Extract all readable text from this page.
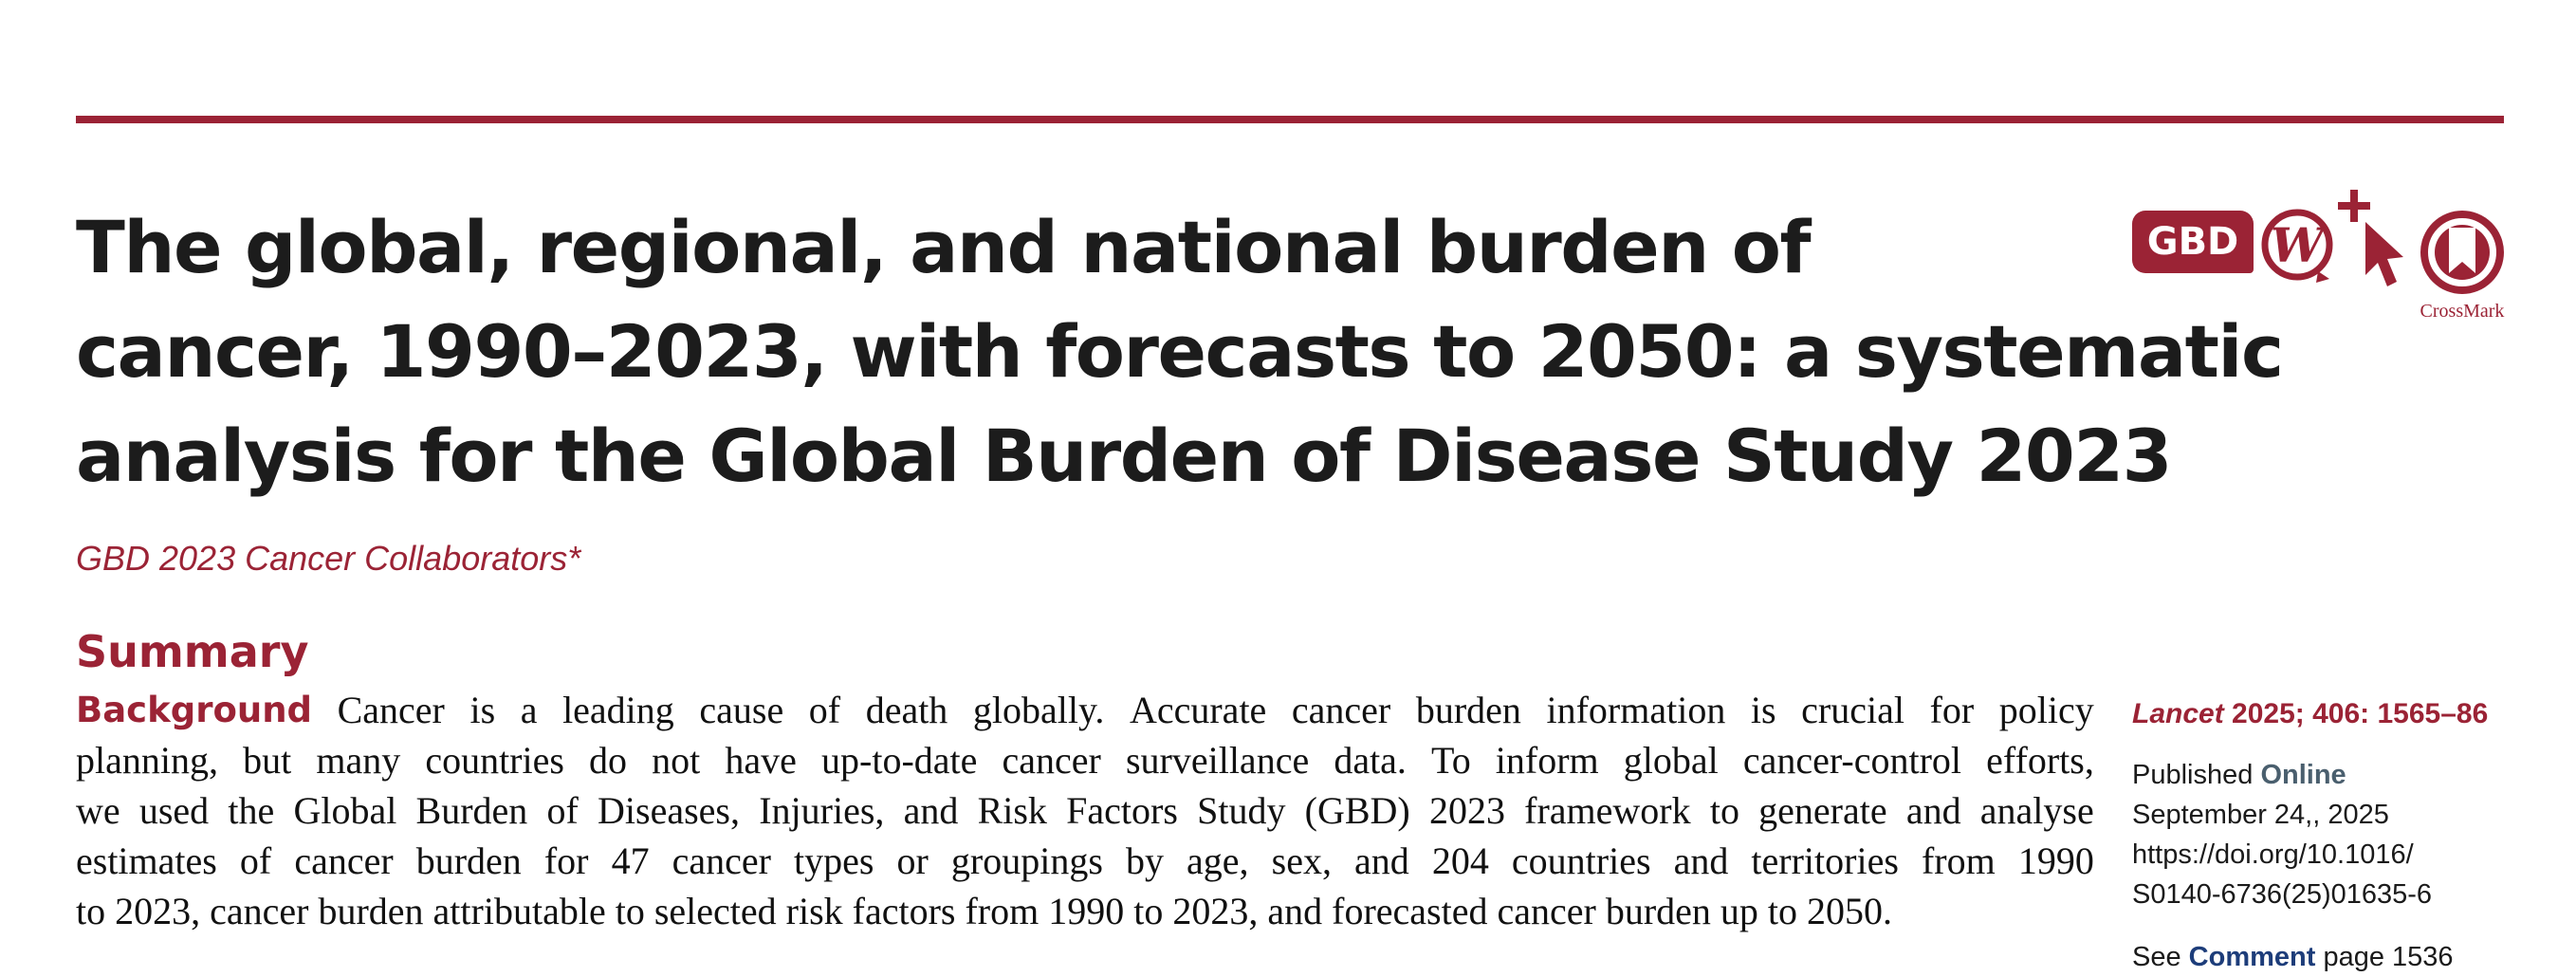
GBD W
CrossMark
The global, regional, and national burden of
cancer, 1990–2023, with forecasts to 2050: a systematic
analysis for the Global Burden of Disease Study 2023
GBD 2023 Cancer Collaborators*
Summary
Background Cancer is a leading cause of death globally. Accurate cancer burden information is crucial for policy
planning, but many countries do not have up-to-date cancer surveillance data. To inform global cancer-control efforts,
we used the Global Burden of Diseases, Injuries, and Risk Factors Study (GBD) 2023 framework to generate and analyse
estimates of cancer burden for 47 cancer types or groupings by age, sex, and 204 countries and territories from 1990
to 2023, cancer burden attributable to selected risk factors from 1990 to 2023, and forecasted cancer burden up to 2050.
Lancet 2025; 406: 1565–86
Published Online
September 24,, 2025
https://doi.org/10.1016/
S0140-6736(25)01635-6
See Comment page 1536
